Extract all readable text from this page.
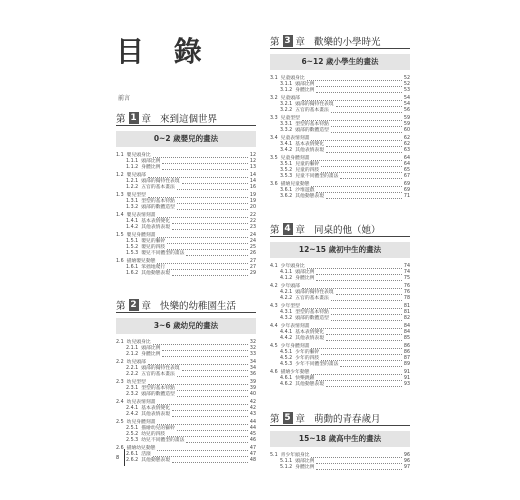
目 錄
前言
第 1 章 來到這個世界
0~2 歲嬰兒的畫法
1.1 嬰兒頭身比	12
1.1.1 頭部比例	12
1.1.2 身體比例	13
1.2 嬰兒頭部	14
1.2.1 頭部的獨特性表現	14
1.2.2 五官的基本畫法	16
1.3 嬰兒型型	19
1.3.1 型型的基本特點	19
1.3.2 頭部的數體造型	20
1.4 嬰兒表情刻畫	22
1.4.1 基本表情變化	22
1.4.2 其他表情表現	23
1.5 嬰兒身體刻畫	24
1.5.1 嬰兒的軀幹	24
1.5.2 嬰兒的四肢	25
1.5.3 嬰兒不同體型的畫法	26
1.6 描繪嬰兒動態	27
1.6.1 笨拙地爬行	27
1.6.2 其他動態表現	29
第 2 章 快樂的幼稚園生活
3~6 歲幼兒的畫法
2.1 幼兒頭身比	32
2.1.1 頭部比例	32
2.1.2 身體比例	33
2.2 幼兒頭部	34
2.2.1 頭部的獨特性表現	34
2.2.2 五官的基本畫法	36
2.3 幼兒型型	39
2.3.1 型型的基本特點	39
2.3.2 頭部的數體造型	40
2.4 幼兒表情刻畫	42
2.4.1 基本表情變化	42
2.4.2 其他表情表現	43
2.5 幼兒身體刻畫	44
2.5.1 描繪幼兒的軀幹	44
2.5.2 幼兒的四肢	45
2.5.3 幼兒不同體型的畫法	46
2.6 描繪幼兒動態	47
2.6.1 活潑	47
2.6.2 其他動態表現	48
第 3 章 歡樂的小學時光
6~12 歲小學生的畫法
3.1 兒童頭身比	52
3.1.1 頭部比例	52
3.1.2 身體比例	53
3.2 兒童頭部	54
3.2.1 頭部的獨特性表現	54
3.2.2 五官的基本畫法	56
3.3 兒童型型	59
3.3.1 型型的基本特點	59
3.3.2 頭部的數體造型	60
3.4 兒童表情刻畫	62
3.4.1 基本表情變化	62
3.4.2 其他表情表現	63
3.5 兒童身體刻畫	64
3.5.1 兒童的軀幹	64
3.5.2 兒童的四肢	65
3.5.3 兒童不同體型的畫法	67
3.6 描繪兒童動態	69
3.6.1 沙堆遊戲	69
3.6.2 其他動態表現	71
第 4 章 同桌的他（她）
12~15 歲初中生的畫法
4.1 少年頭身比	74
4.1.1 頭部比例	74
4.1.2 身體比例	75
4.2 少年頭部	76
4.2.1 頭部的獨特性表現	76
4.2.2 五官的基本畫法	78
4.3 少年型型	81
4.3.1 型型的基本特點	81
4.3.2 頭部的數體造型	82
4.4 少年表情刻畫	84
4.4.1 基本表情變化	84
4.4.2 其他表情表現	85
4.5 少年身體刻畫	86
4.5.1 少年的軀幹	86
4.5.2 少年的四肢	87
4.5.3 少年不同體型的畫法	89
4.6 描繪少年動態	91
4.6.1 快樂跳躍	91
4.6.2 其他動態表現	93
第 5 章 萌動的青春歲月
15~18 歲高中生的畫法
5.1 青少年頭身比	96
5.1.1 頭部比例	96
5.1.2 身體比例	97
8
